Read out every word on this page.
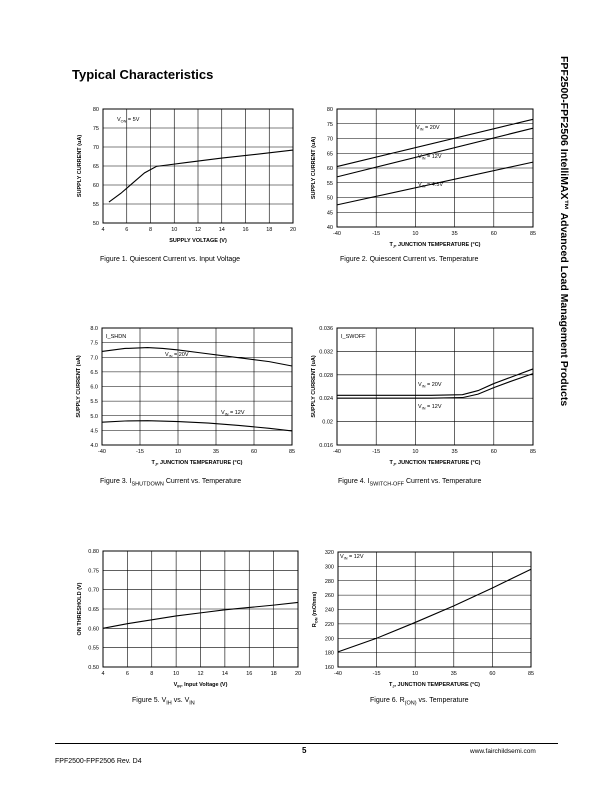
Typical Characteristics	FPF2500-FPF2506 IntelliMAX™ Advanced Load Management Products
4	6	8	10	12	14	16	18	20
50
55
60
65
70
75
80
SUPPLY VOLTAGE (V)
SUPPLY CURRENT (uA)
$V_{ON} = 5V$
Figure 1. Quiescent Current vs. Input Voltage
-40	-15	10	35	60	85
40
45
50
55
60
65
70
75
80
$T_J$, JUNCTION TEMPERATURE (°C)
SUPPLY CURRENT (uA)
$V_{IN} = 20V$
$V_{IN} = 12V$
$V_{IN} = 4.5V$
Figure 2. Quiescent Current vs. Temperature
-40	-15	10	35	60	85
4.0
4.5
5.0
5.5
6.0
6.5
7.0
7.5
8.0
$T_J$, JUNCTION TEMPERATURE (°C)
SUPPLY CURRENT (uA)
$V_{IN} = 20V$
$V_{IN} = 12V$
I_SHDN
Figure 3. $I_{SHUTDOWN}$ Current vs. Temperature
-40	-15	10	35	60	85
0.016
0.02
0.024
0.028
0.032
0.036
$T_J$, JUNCTION TEMPERATURE (°C)
SUPPLY CURRENT (uA)	$V_{IN} = 20V$
$V_{IN} = 12V$
I_SWOFF
Figure 4. $I_{SWITCH-OFF}$ Current vs. Temperature
4	6	8	10	12	14	16	18	20
0.50
0.55
0.60
0.65
0.70
0.75
0.80
$V_{IN}$, Input Voltage (V)
ON THRESHOLD (V)
Figure 5. $V_{IH}$ vs. $V_{IN}$
-40	-15	10	35	60	85
160
180
200
220
240
260
280
300
320
$T_J$, JUNCTION TEMPERATURE (°C)
$R_{ON}$ (mOhms)
$V_{IN} = 12V$
Figure 6. $R_{(ON)}$ vs. Temperature
5	www.fairchildsemi.com
FPF2500-FPF2506 Rev. D4
